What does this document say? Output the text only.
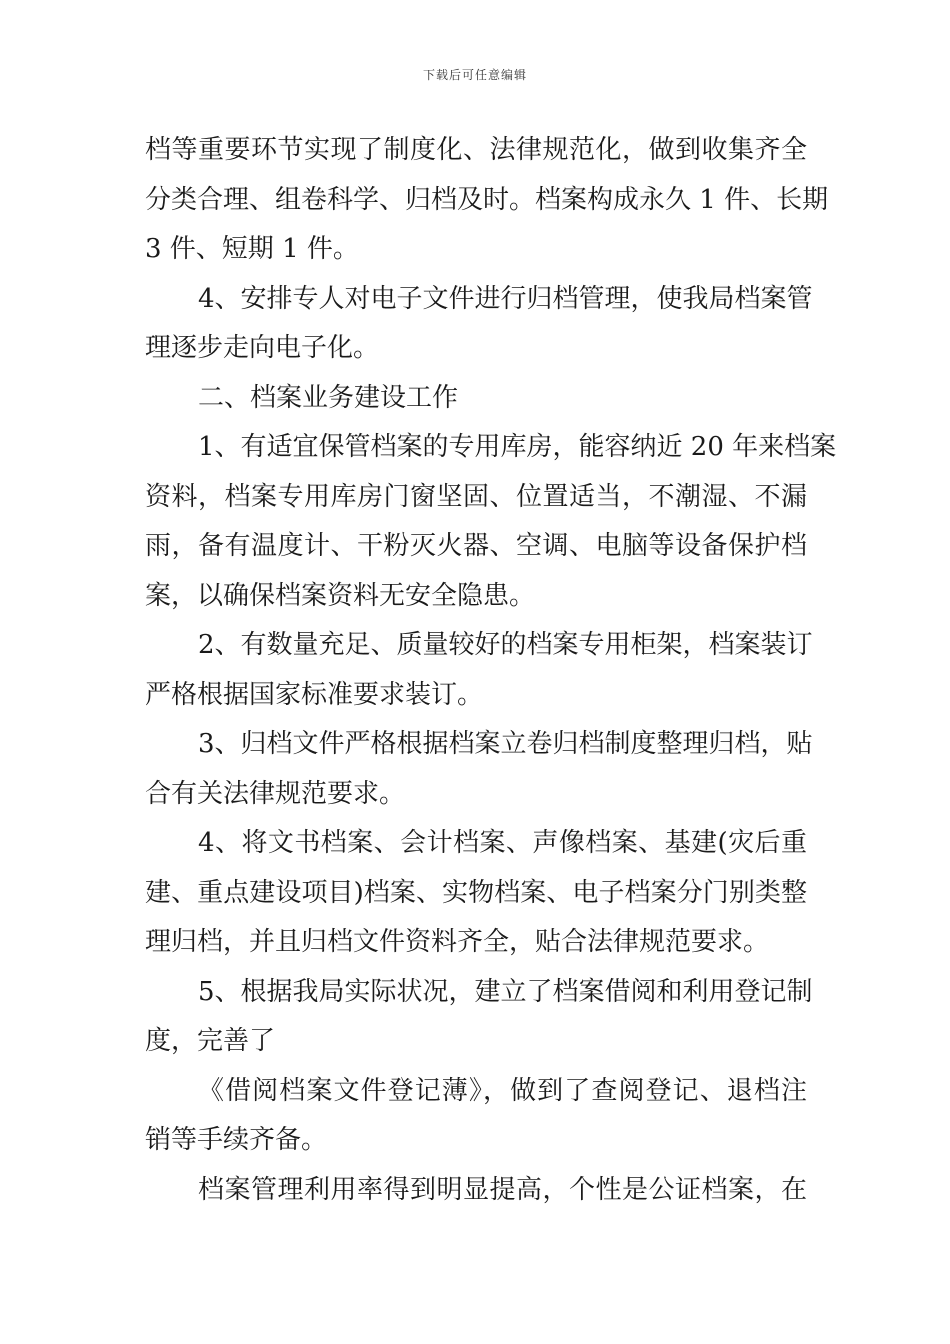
下载后可任意编辑
档等重要环节实现了制度化、法律规范化，做到收集齐全
分类合理、组卷科学、归档及时。档案构成永久 1 件、长期
3 件、短期 1 件。
4、安排专人对电子文件进行归档管理，使我局档案管
理逐步走向电子化。
二、档案业务建设工作
1、有适宜保管档案的专用库房，能容纳近 20 年来档案
资料，档案专用库房门窗坚固、位置适当，不潮湿、不漏
雨，备有温度计、干粉灭火器、空调、电脑等设备保护档
案，以确保档案资料无安全隐患。
2、有数量充足、质量较好的档案专用柜架，档案装订
严格根据国家标准要求装订。
3、归档文件严格根据档案立卷归档制度整理归档，贴
合有关法律规范要求。
4、将文书档案、会计档案、声像档案、基建(灾后重
建、重点建设项目)档案、实物档案、电子档案分门别类整
理归档，并且归档文件资料齐全，贴合法律规范要求。
5、根据我局实际状况，建立了档案借阅和利用登记制
度，完善了
《借阅档案文件登记薄》，做到了查阅登记、退档注
销等手续齐备。
档案管理利用率得到明显提高，个性是公证档案，在
